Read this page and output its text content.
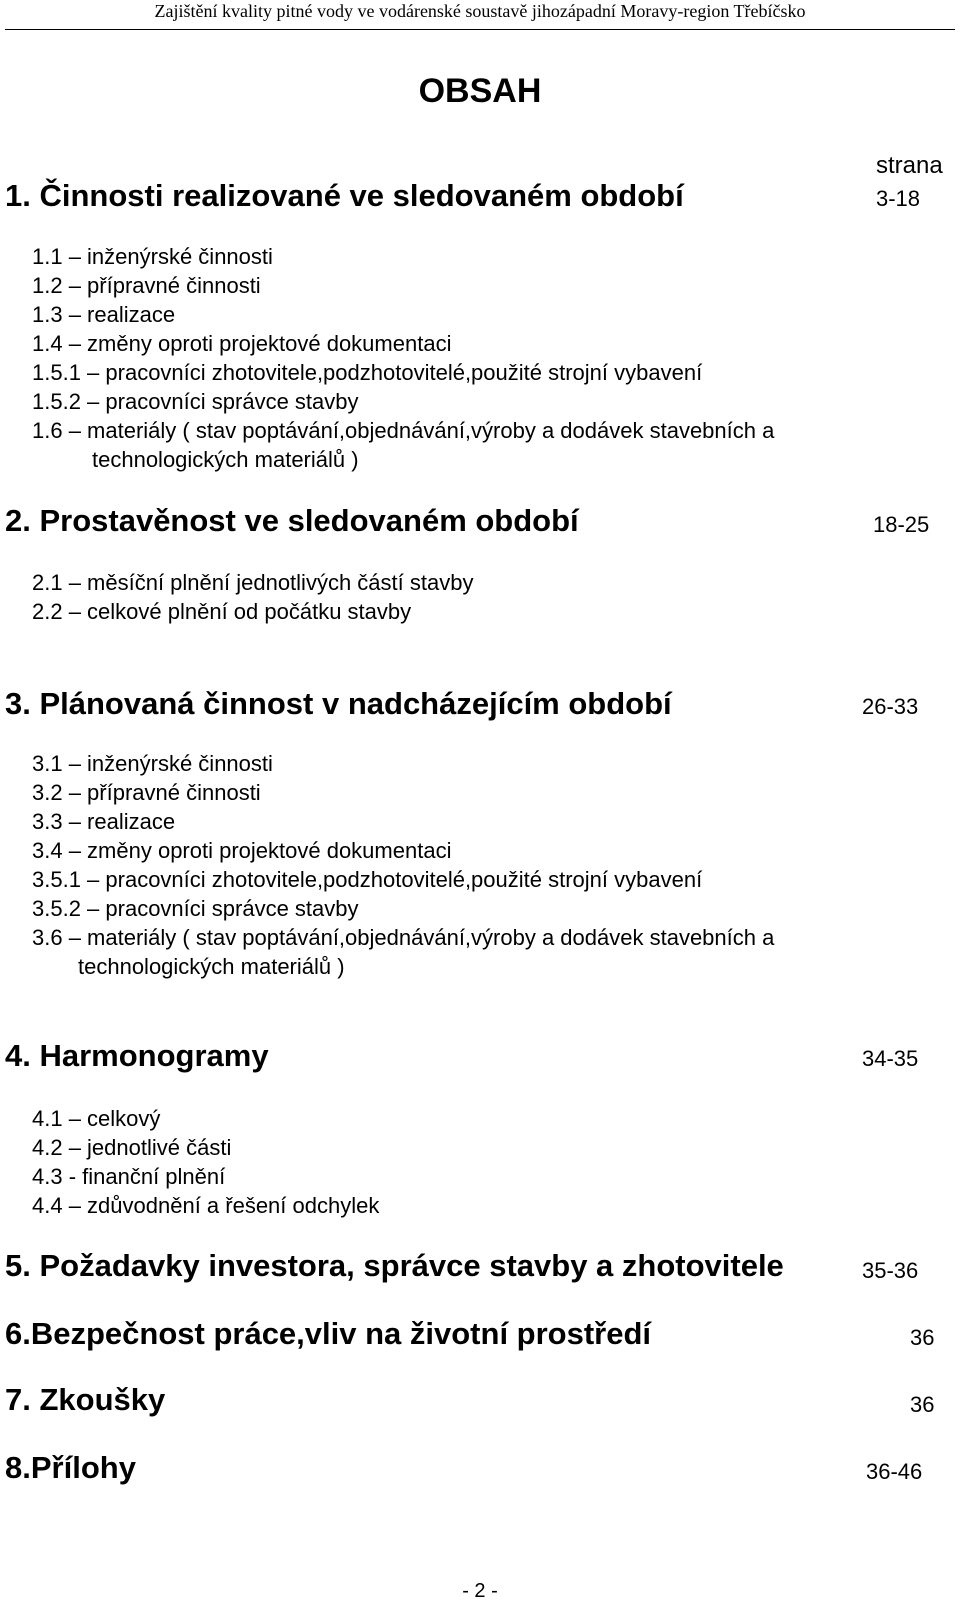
Zajištění kvality pitné vody ve vodárenské soustavě jihozápadní Moravy-region Třebíčsko
OBSAH
strana
1. Činnosti realizované ve sledovaném období	3-18
1.1 – inženýrské činnosti
1.2 – přípravné činnosti
1.3 – realizace
1.4 – změny oproti projektové dokumentaci
1.5.1 – pracovníci zhotovitele,podzhotovitelé,použité strojní vybavení
1.5.2 – pracovníci správce stavby
1.6 – materiály ( stav poptávání,objednávání,výroby a dodávek stavebních a
technologických materiálů )
2. Prostavěnost ve sledovaném období	18-25
2.1 – měsíční plnění jednotlivých částí stavby
2.2 – celkové plnění od počátku stavby
3. Plánovaná činnost v nadcházejícím období	26-33
3.1 – inženýrské činnosti
3.2 – přípravné činnosti
3.3 – realizace
3.4 – změny oproti projektové dokumentaci
3.5.1 – pracovníci zhotovitele,podzhotovitelé,použité strojní vybavení
3.5.2 – pracovníci správce stavby
3.6 – materiály ( stav poptávání,objednávání,výroby a dodávek stavebních a
technologických materiálů )
4. Harmonogramy	34-35
4.1 – celkový
4.2 – jednotlivé části
4.3 - finanční plnění
4.4 – zdůvodnění a řešení odchylek
5. Požadavky investora, správce stavby a zhotovitele	35-36
6.Bezpečnost práce,vliv na životní prostředí	36
7. Zkoušky	36
8.Přílohy	36-46
- 2 -
